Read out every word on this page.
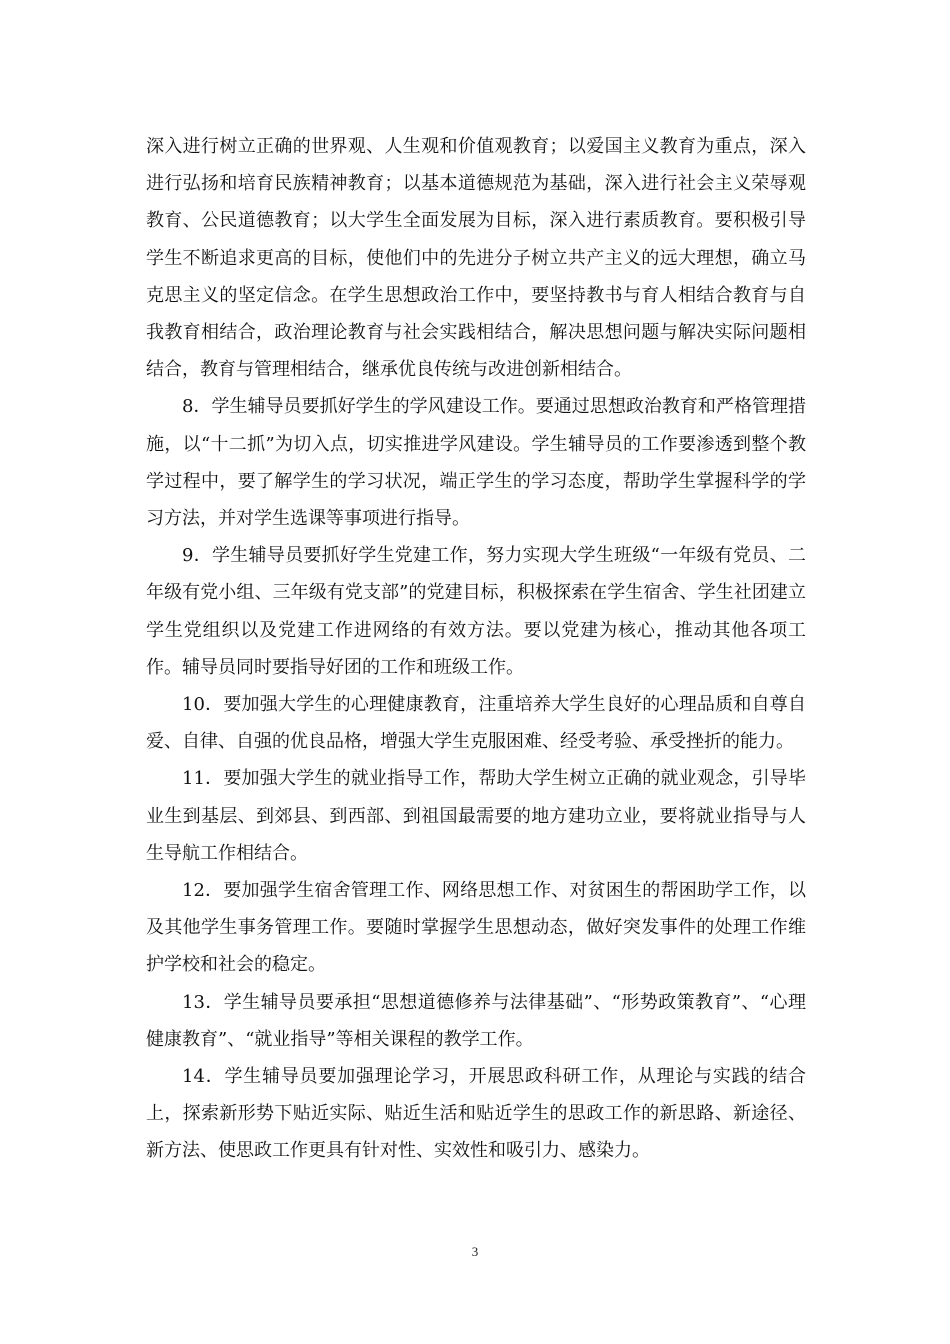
深入进行树立正确的世界观、人生观和价值观教育；以爱国主义教育为重点，深入进行弘扬和培育民族精神教育；以基本道德规范为基础，深入进行社会主义荣辱观教育、公民道德教育；以大学生全面发展为目标，深入进行素质教育。要积极引导学生不断追求更高的目标，使他们中的先进分子树立共产主义的远大理想，确立马克思主义的坚定信念。在学生思想政治工作中，要坚持教书与育人相结合教育与自我教育相结合，政治理论教育与社会实践相结合，解决思想问题与解决实际问题相结合，教育与管理相结合，继承优良传统与改进创新相结合。

8．学生辅导员要抓好学生的学风建设工作。要通过思想政治教育和严格管理措施，以“十二抓”为切入点，切实推进学风建设。学生辅导员的工作要渗透到整个教学过程中，要了解学生的学习状况，端正学生的学习态度，帮助学生掌握科学的学习方法，并对学生选课等事项进行指导。

9．学生辅导员要抓好学生党建工作，努力实现大学生班级“一年级有党员、二年级有党小组、三年级有党支部”的党建目标，积极探索在学生宿舍、学生社团建立学生党组织以及党建工作进网络的有效方法。要以党建为核心，推动其他各项工作。辅导员同时要指导好团的工作和班级工作。

10．要加强大学生的心理健康教育，注重培养大学生良好的心理品质和自尊自爱、自律、自强的优良品格，增强大学生克服困难、经受考验、承受挫折的能力。

11．要加强大学生的就业指导工作，帮助大学生树立正确的就业观念，引导毕业生到基层、到郊县、到西部、到祖国最需要的地方建功立业，要将就业指导与人生导航工作相结合。

12．要加强学生宿舍管理工作、网络思想工作、对贫困生的帮困助学工作，以及其他学生事务管理工作。要随时掌握学生思想动态，做好突发事件的处理工作维护学校和社会的稳定。

13．学生辅导员要承担“思想道德修养与法律基础”、“形势政策教育”、“心理健康教育”、“就业指导”等相关课程的教学工作。

14．学生辅导员要加强理论学习，开展思政科研工作，从理论与实践的结合上，探索新形势下贴近实际、贴近生活和贴近学生的思政工作的新思路、新途径、新方法、使思政工作更具有针对性、实效性和吸引力、感染力。

3
